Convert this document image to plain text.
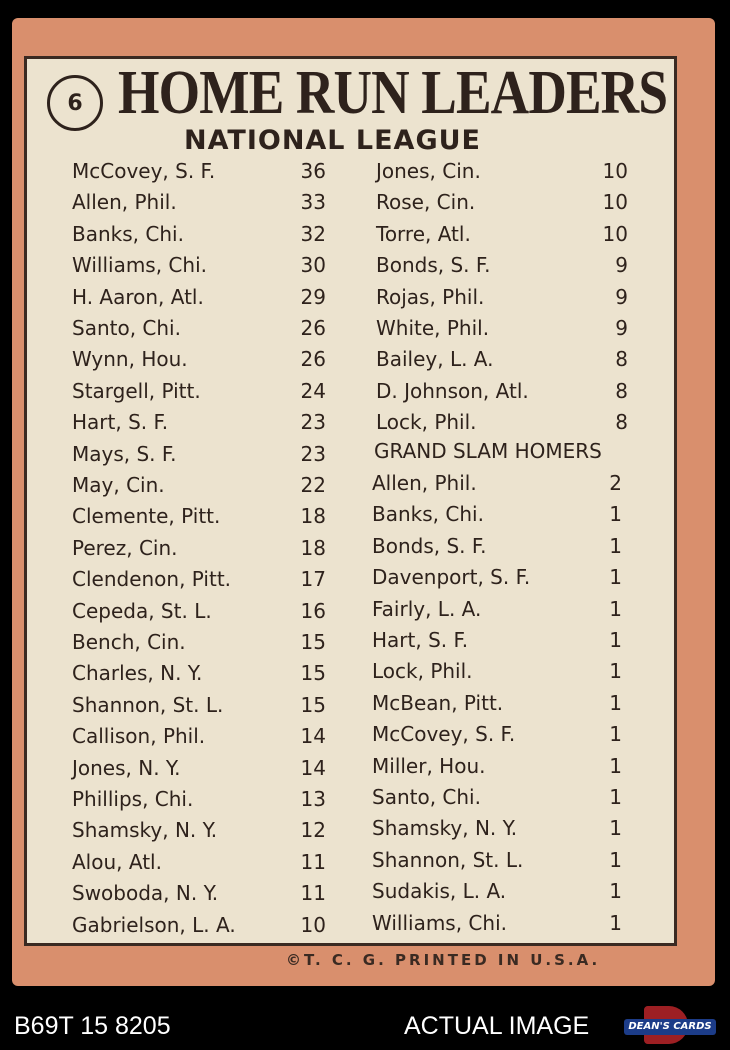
6 HOME RUN LEADERS
NATIONAL LEAGUE
McCovey, S. F.	36
Allen, Phil.	33
Banks, Chi.	32
Williams, Chi.	30
H. Aaron, Atl.	29
Santo, Chi.	26
Wynn, Hou.	26
Stargell, Pitt.	24
Hart, S. F.	23
Mays, S. F.	23
May, Cin.	22
Clemente, Pitt.	18
Perez, Cin.	18
Clendenon, Pitt.	17
Cepeda, St. L.	16
Bench, Cin.	15
Charles, N. Y.	15
Shannon, St. L.	15
Callison, Phil.	14
Jones, N. Y.	14
Phillips, Chi.	13
Shamsky, N. Y.	12
Alou, Atl.	11
Swoboda, N. Y.	11
Gabrielson, L. A.	10
Jones, Cin.	10
Rose, Cin.	10
Torre, Atl.	10
Bonds, S. F.	9
Rojas, Phil.	9
White, Phil.	9
Bailey, L. A.	8
D. Johnson, Atl.	8
Lock, Phil.	8
GRAND SLAM HOMERS
Allen, Phil.	2
Banks, Chi.	1
Bonds, S. F.	1
Davenport, S. F.	1
Fairly, L. A.	1
Hart, S. F.	1
Lock, Phil.	1
McBean, Pitt.	1
McCovey, S. F.	1
Miller, Hou.	1
Santo, Chi.	1
Shamsky, N. Y.	1
Shannon, St. L.	1
Sudakis, L. A.	1
Williams, Chi.	1
©T. C. G. PRINTED IN U.S.A.
B69T 15 8205	ACTUAL IMAGE	DEAN'S CARDS
